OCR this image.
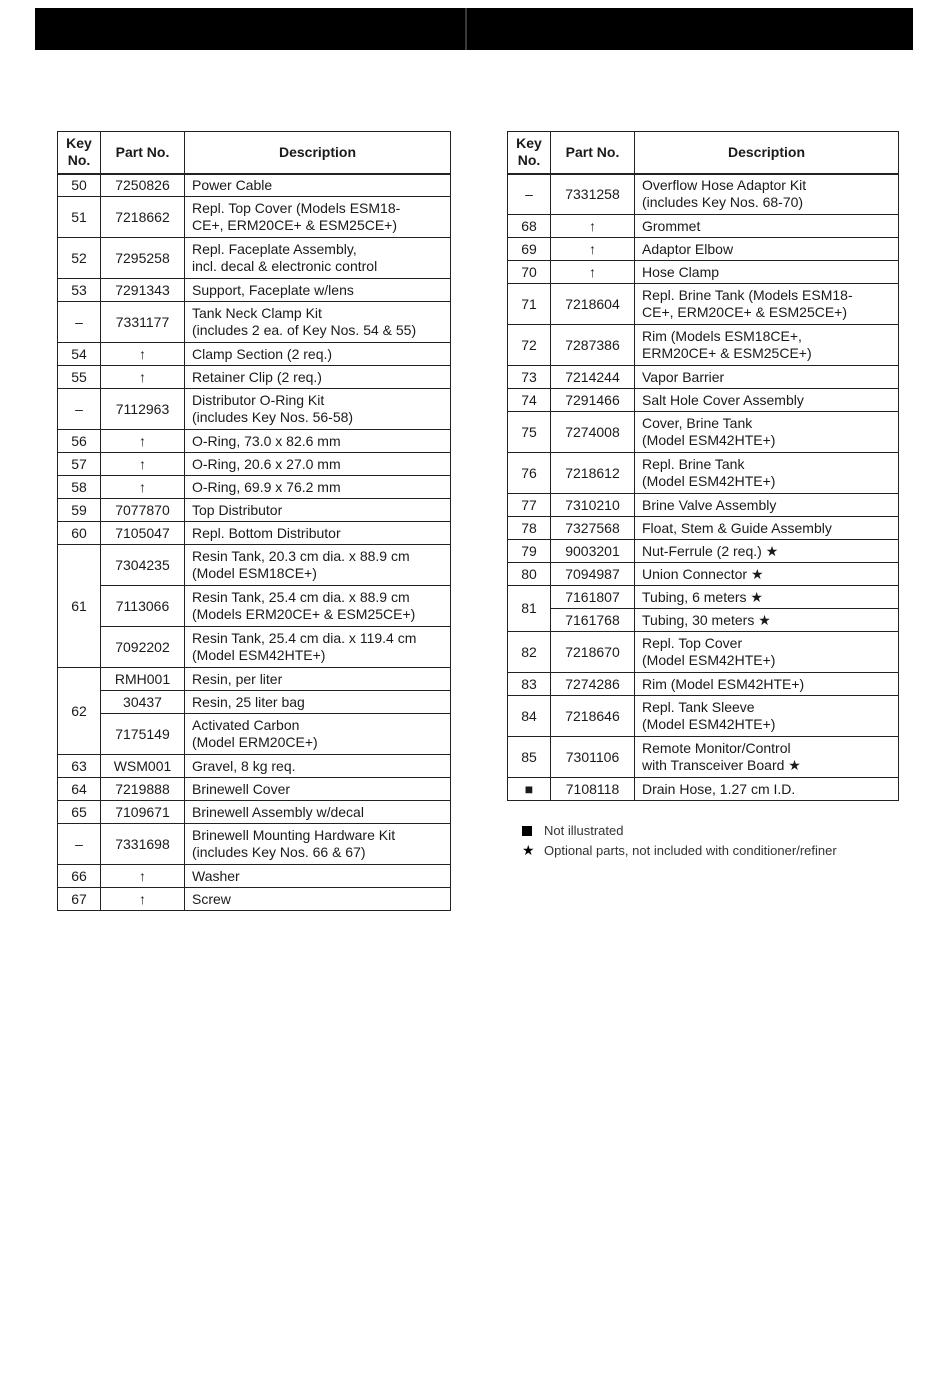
Key
No.	Part No.	Description
50	7250826	Power Cable
51	7218662	Repl. Top Cover (Models ESM18-
CE+, ERM20CE+ & ESM25CE+)
52	7295258	Repl. Faceplate Assembly,
incl. decal & electronic control
53	7291343	Support, Faceplate w/lens
–	7331177	Tank Neck Clamp Kit
(includes 2 ea. of Key Nos. 54 & 55)
54	↑	Clamp Section (2 req.)
55	↑	Retainer Clip (2 req.)
–	7112963	Distributor O-Ring Kit
(includes Key Nos. 56-58)
56	↑	O-Ring, 73.0 x 82.6 mm
57	↑	O-Ring, 20.6 x 27.0 mm
58	↑	O-Ring, 69.9 x 76.2 mm
59	7077870	Top Distributor
60	7105047	Repl. Bottom Distributor
61	7304235	Resin Tank, 20.3 cm dia. x 88.9 cm
(Model ESM18CE+)
	7113066	Resin Tank, 25.4 cm dia. x 88.9 cm
(Models ERM20CE+ & ESM25CE+)
	7092202	Resin Tank, 25.4 cm dia. x 119.4 cm
(Model ESM42HTE+)
62	RMH001	Resin, per liter
	30437	Resin, 25 liter bag
	7175149	Activated Carbon
(Model ERM20CE+)
63	WSM001	Gravel, 8 kg req.
64	7219888	Brinewell Cover
65	7109671	Brinewell Assembly w/decal
–	7331698	Brinewell Mounting Hardware Kit
(includes Key Nos. 66 & 67)
66	↑	Washer
67	↑	Screw
Key
No.	Part No.	Description
–	7331258	Overflow Hose Adaptor Kit
(includes Key Nos. 68-70)
68	↑	Grommet
69	↑	Adaptor Elbow
70	↑	Hose Clamp
71	7218604	Repl. Brine Tank (Models ESM18-
CE+, ERM20CE+ & ESM25CE+)
72	7287386	Rim (Models ESM18CE+,
ERM20CE+ & ESM25CE+)
73	7214244	Vapor Barrier
74	7291466	Salt Hole Cover Assembly
75	7274008	Cover, Brine Tank
(Model ESM42HTE+)
76	7218612	Repl. Brine Tank
(Model ESM42HTE+)
77	7310210	Brine Valve Assembly
78	7327568	Float, Stem & Guide Assembly
79	9003201	Nut-Ferrule (2 req.) ★
80	7094987	Union Connector ★
81	7161807	Tubing, 6 meters ★
	7161768	Tubing, 30 meters ★
82	7218670	Repl. Top Cover
(Model ESM42HTE+)
83	7274286	Rim (Model ESM42HTE+)
84	7218646	Repl. Tank Sleeve
(Model ESM42HTE+)
85	7301106	Remote Monitor/Control
with Transceiver Board ★
■	7108118	Drain Hose, 1.27 cm I.D.
Not illustrated
★ Optional parts, not included with conditioner/refiner
